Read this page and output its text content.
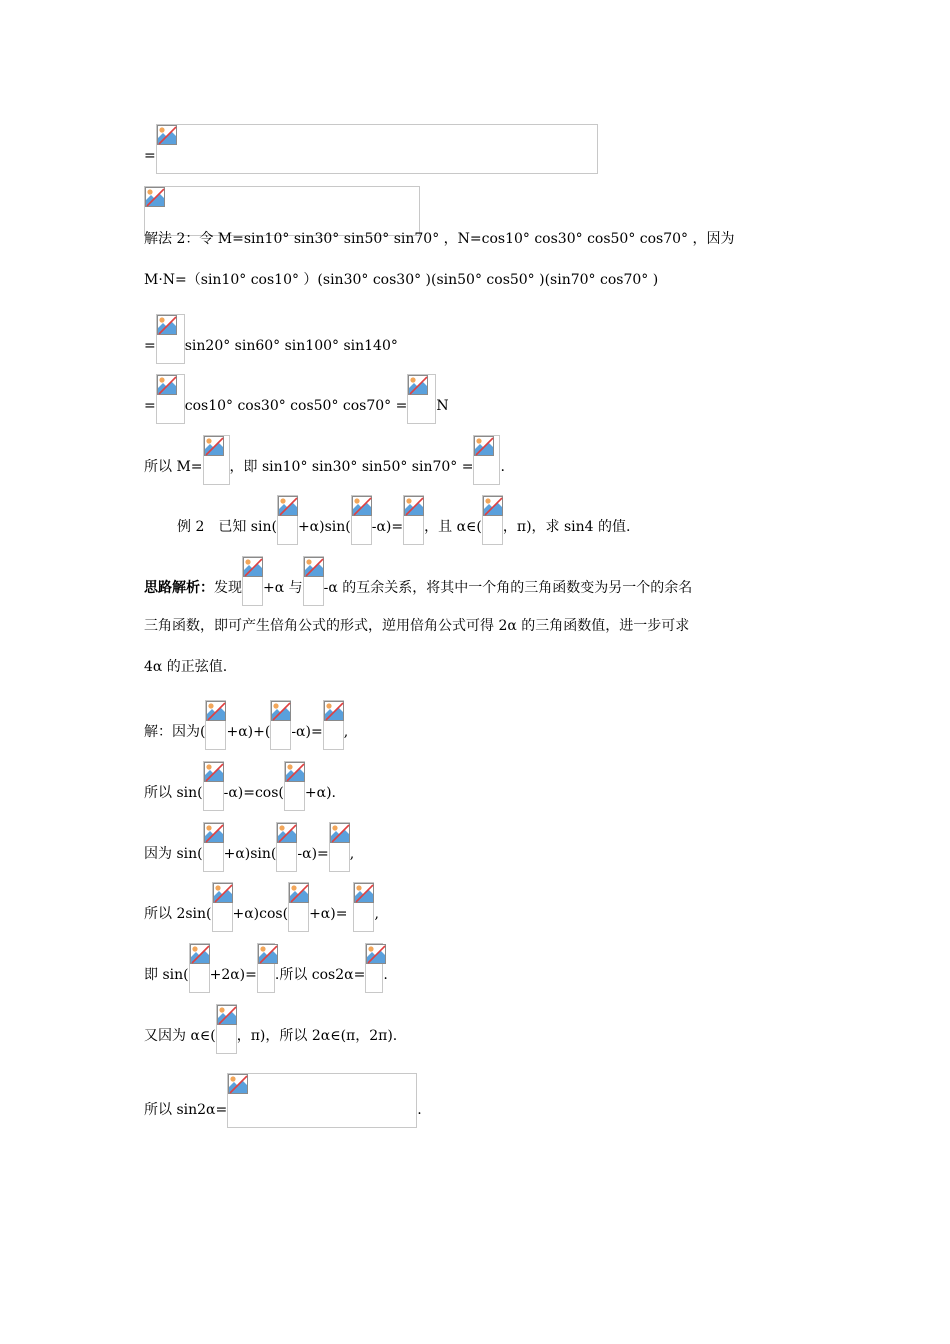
=
解法 2：令 M=sin10° sin30° sin50° sin70° ，N=cos10° cos30° cos50° cos70° ，因为
M·N=（sin10° cos10° ）(sin30° cos30° )(sin50° cos50° )(sin70° cos70° )
= sin20° sin60° sin100° sin140°
= cos10° cos30° cos50° cos70° = N
所以 M= ，即 sin10° sin30° sin50° sin70° = .
例 2　已知 sin( +α)sin( -α)= ，且 α∈( ，π)，求 sin4 的值.
思路解析： 发现 +α 与 -α 的互余关系，将其中一个角的三角函数变为另一个的余名
三角函数，即可产生倍角公式的形式，逆用倍角公式可得 2α 的三角函数值，进一步可求
4α 的正弦值.
解：因为( +α)+( -α)= ,
所以 sin( -α)=cos( +α).
因为 sin( +α)sin( -α)= ,
所以 2sin( +α)cos( +α)= ,
即 sin( +2α)= .所以 cos2α= .
又因为 α∈( ，π)，所以 2α∈(π，2π).
所以 sin2α=	.
